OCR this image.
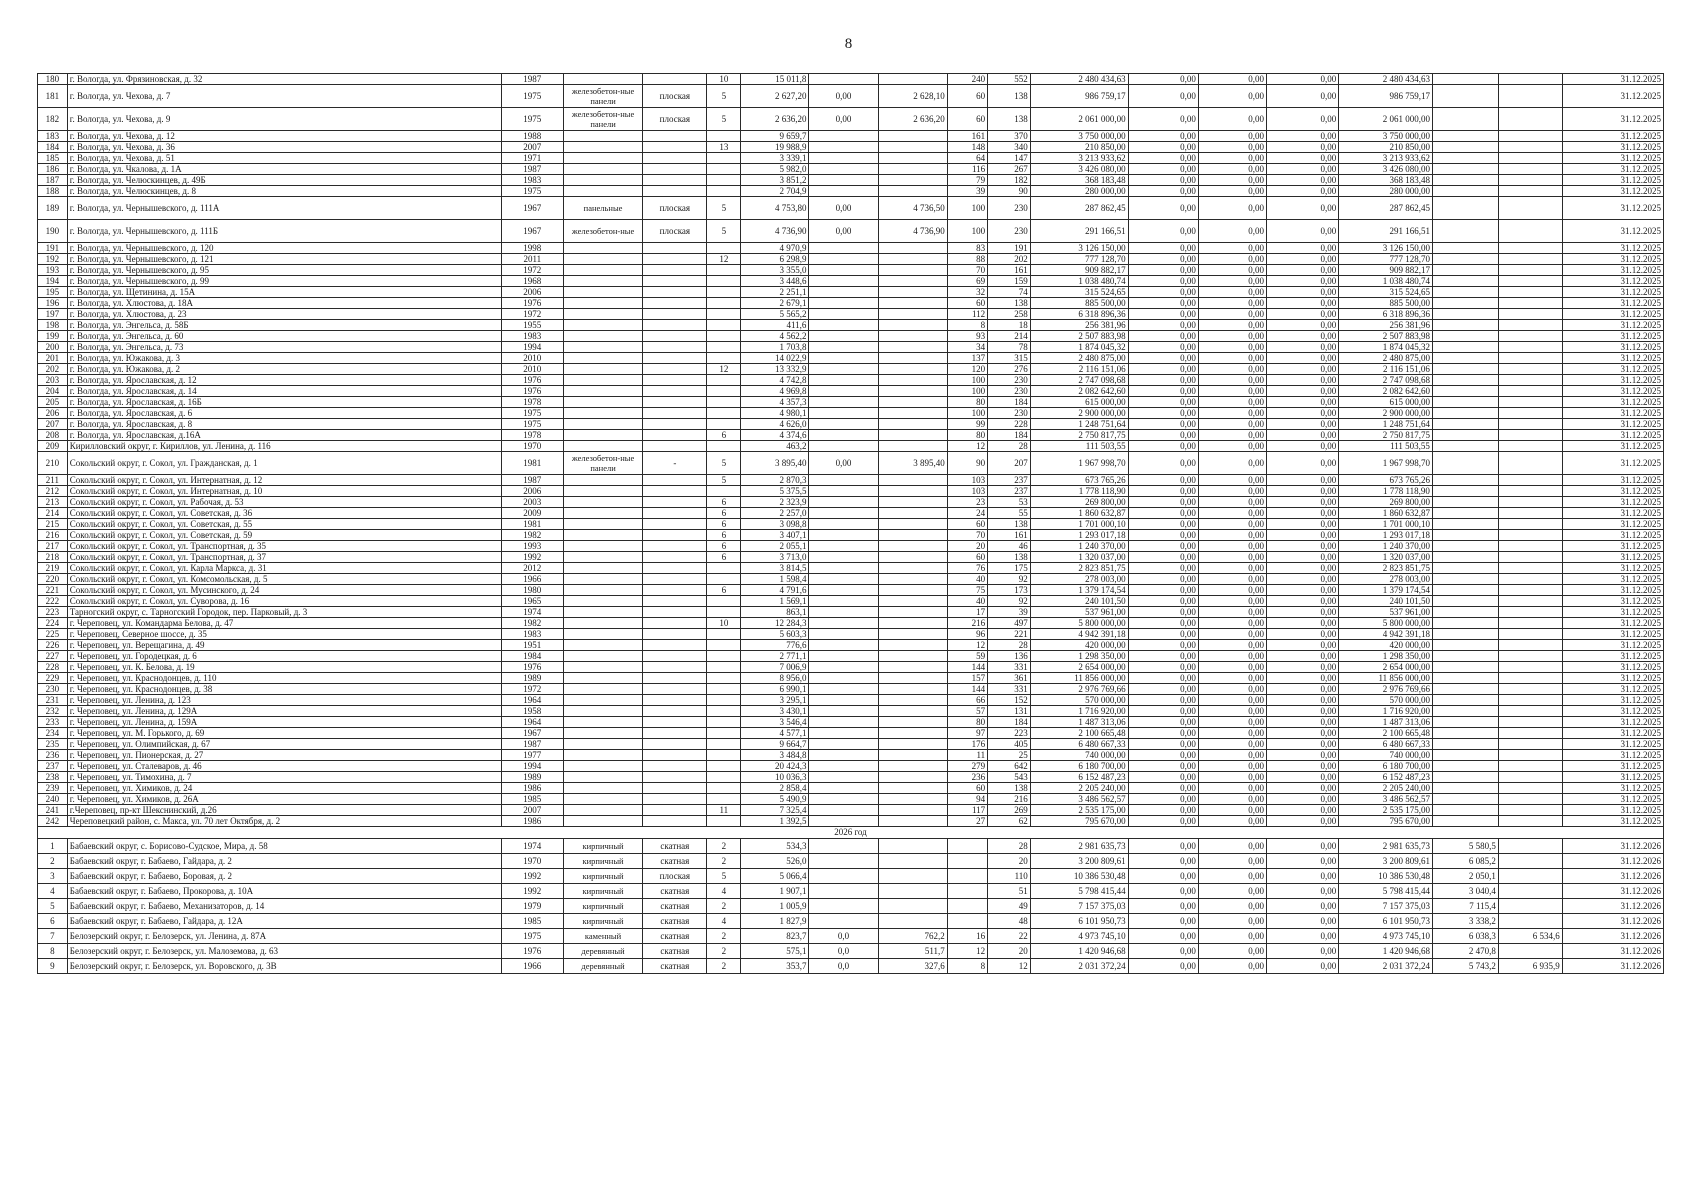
8
180	г. Вологда, ул. Фрязиновская, д. 32	1987			10	15 011,8			240	552	2 480 434,63	0,00	0,00	0,00	2 480 434,63			31.12.2025
181	г. Вологда, ул. Чехова, д. 7	1975	железобетон-ные панели	плоская	5	2 627,20	0,00	2 628,10	60	138	986 759,17	0,00	0,00	0,00	986 759,17			31.12.2025
182	г. Вологда, ул. Чехова, д. 9	1975	железобетон-ные панели	плоская	5	2 636,20	0,00	2 636,20	60	138	2 061 000,00	0,00	0,00	0,00	2 061 000,00			31.12.2025
183	г. Вологда, ул. Чехова, д. 12	1988				9 659,7			161	370	3 750 000,00	0,00	0,00	0,00	3 750 000,00			31.12.2025
184	г. Вологда, ул. Чехова, д. 36	2007			13	19 988,9			148	340	210 850,00	0,00	0,00	0,00	210 850,00			31.12.2025
185	г. Вологда, ул. Чехова, д. 51	1971				3 339,1			64	147	3 213 933,62	0,00	0,00	0,00	3 213 933,62			31.12.2025
186	г. Вологда, ул. Чкалова, д. 1А	1987				5 982,0			116	267	3 426 080,00	0,00	0,00	0,00	3 426 080,00			31.12.2025
187	г. Вологда, ул. Челюскинцев, д. 49Б	1983				3 851,2			79	182	368 183,48	0,00	0,00	0,00	368 183,48			31.12.2025
188	г. Вологда, ул. Челюскинцев, д. 8	1975				2 704,9			39	90	280 000,00	0,00	0,00	0,00	280 000,00			31.12.2025
189	г. Вологда, ул. Чернышевского, д. 111А	1967	панельные	плоская	5	4 753,80	0,00	4 736,50	100	230	287 862,45	0,00	0,00	0,00	287 862,45			31.12.2025
190	г. Вологда, ул. Чернышевского, д. 111Б	1967	железобетон-ные	плоская	5	4 736,90	0,00	4 736,90	100	230	291 166,51	0,00	0,00	0,00	291 166,51			31.12.2025
191	г. Вологда, ул. Чернышевского, д. 120	1998				4 970,9			83	191	3 126 150,00	0,00	0,00	0,00	3 126 150,00			31.12.2025
192	г. Вологда, ул. Чернышевского, д. 121	2011			12	6 298,9			88	202	777 128,70	0,00	0,00	0,00	777 128,70			31.12.2025
193	г. Вологда, ул. Чернышевского, д. 95	1972				3 355,0			70	161	909 882,17	0,00	0,00	0,00	909 882,17			31.12.2025
194	г. Вологда, ул. Чернышевского, д. 99	1968				3 448,6			69	159	1 038 480,74	0,00	0,00	0,00	1 038 480,74			31.12.2025
195	г. Вологда, ул. Щетинина, д. 15А	2006				2 251,1			32	74	315 524,65	0,00	0,00	0,00	315 524,65			31.12.2025
196	г. Вологда, ул. Хлюстова, д. 18А	1976				2 679,1			60	138	885 500,00	0,00	0,00	0,00	885 500,00			31.12.2025
197	г. Вологда, ул. Хлюстова, д. 23	1972				5 565,2			112	258	6 318 896,36	0,00	0,00	0,00	6 318 896,36			31.12.2025
198	г. Вологда, ул. Энгельса, д. 58Б	1955				411,6			8	18	256 381,96	0,00	0,00	0,00	256 381,96			31.12.2025
199	г. Вологда, ул. Энгельса, д. 60	1983				4 562,2			93	214	2 507 883,98	0,00	0,00	0,00	2 507 883,98			31.12.2025
200	г. Вологда, ул. Энгельса, д. 73	1994				1 703,8			34	78	1 874 045,32	0,00	0,00	0,00	1 874 045,32			31.12.2025
201	г. Вологда, ул. Южакова, д. 3	2010				14 022,9			137	315	2 480 875,00	0,00	0,00	0,00	2 480 875,00			31.12.2025
202	г. Вологда, ул. Южакова, д. 2	2010			12	13 332,9			120	276	2 116 151,06	0,00	0,00	0,00	2 116 151,06			31.12.2025
203	г. Вологда, ул. Ярославская, д. 12	1976				4 742,8			100	230	2 747 098,68	0,00	0,00	0,00	2 747 098,68			31.12.2025
204	г. Вологда, ул. Ярославская, д. 14	1976				4 969,8			100	230	2 082 642,60	0,00	0,00	0,00	2 082 642,60			31.12.2025
205	г. Вологда, ул. Ярославская, д. 16Б	1978				4 357,3			80	184	615 000,00	0,00	0,00	0,00	615 000,00			31.12.2025
206	г. Вологда, ул. Ярославская, д. 6	1975				4 980,1			100	230	2 900 000,00	0,00	0,00	0,00	2 900 000,00			31.12.2025
207	г. Вологда, ул. Ярославская, д. 8	1975				4 626,0			99	228	1 248 751,64	0,00	0,00	0,00	1 248 751,64			31.12.2025
208	г. Вологда, ул. Ярославская, д.16А	1978			6	4 374,6			80	184	2 750 817,75	0,00	0,00	0,00	2 750 817,75			31.12.2025
209	Кирилловский округ, г. Кириллов, ул. Ленина, д. 116	1970				463,2			12	28	111 503,55	0,00	0,00	0,00	111 503,55			31.12.2025
210	Сокольский округ, г. Сокол, ул. Гражданская, д. 1	1981	железобетон-ные панели	-	5	3 895,40	0,00	3 895,40	90	207	1 967 998,70	0,00	0,00	0,00	1 967 998,70			31.12.2025
211	Сокольский округ, г. Сокол, ул. Интернатная, д. 12	1987			5	2 870,3			103	237	673 765,26	0,00	0,00	0,00	673 765,26			31.12.2025
212	Сокольский округ, г. Сокол, ул. Интернатная, д. 10	2006				5 375,5			103	237	1 778 118,90	0,00	0,00	0,00	1 778 118,90			31.12.2025
213	Сокольский округ, г. Сокол, ул. Рабочая, д. 53	2003			6	2 323,9			23	53	269 800,00	0,00	0,00	0,00	269 800,00			31.12.2025
214	Сокольский округ, г. Сокол, ул. Советская, д. 36	2009			6	2 257,0			24	55	1 860 632,87	0,00	0,00	0,00	1 860 632,87			31.12.2025
215	Сокольский округ, г. Сокол, ул. Советская, д. 55	1981			6	3 098,8			60	138	1 701 000,10	0,00	0,00	0,00	1 701 000,10			31.12.2025
216	Сокольский округ, г. Сокол, ул. Советская, д. 59	1982			6	3 407,1			70	161	1 293 017,18	0,00	0,00	0,00	1 293 017,18			31.12.2025
217	Сокольский округ, г. Сокол, ул. Транспортная, д. 35	1993			6	2 055,1			20	46	1 240 370,00	0,00	0,00	0,00	1 240 370,00			31.12.2025
218	Сокольский округ, г. Сокол, ул. Транспортная, д. 37	1992			6	3 713,0			60	138	1 320 037,00	0,00	0,00	0,00	1 320 037,00			31.12.2025
219	Сокольский округ, г. Сокол, ул. Карла Маркса, д. 31	2012				3 814,5			76	175	2 823 851,75	0,00	0,00	0,00	2 823 851,75			31.12.2025
220	Сокольский округ, г. Сокол, ул. Комсомольская, д. 5	1966				1 598,4			40	92	278 003,00	0,00	0,00	0,00	278 003,00			31.12.2025
221	Сокольский округ, г. Сокол, ул. Мусинского, д. 24	1980			6	4 791,6			75	173	1 379 174,54	0,00	0,00	0,00	1 379 174,54			31.12.2025
222	Сокольский округ, г. Сокол, ул. Суворова, д. 16	1965				1 569,1			40	92	240 101,50	0,00	0,00	0,00	240 101,50			31.12.2025
223	Тарногский округ, с. Тарногский Городок, пер. Парковый, д. 3	1974				863,1			17	39	537 961,00	0,00	0,00	0,00	537 961,00			31.12.2025
224	г. Череповец, ул. Командарма Белова, д. 47	1982			10	12 284,3			216	497	5 800 000,00	0,00	0,00	0,00	5 800 000,00			31.12.2025
225	г. Череповец, Северное шоссе, д. 35	1983				5 603,3			96	221	4 942 391,18	0,00	0,00	0,00	4 942 391,18			31.12.2025
226	г. Череповец, ул. Верещагина, д. 49	1951				776,6			12	28	420 000,00	0,00	0,00	0,00	420 000,00			31.12.2025
227	г. Череповец, ул. Городецкая, д. 6	1984				2 771,1			59	136	1 298 350,00	0,00	0,00	0,00	1 298 350,00			31.12.2025
228	г. Череповец, ул. К. Белова, д. 19	1976				7 006,9			144	331	2 654 000,00	0,00	0,00	0,00	2 654 000,00			31.12.2025
229	г. Череповец, ул. Краснодонцев, д. 110	1989				8 956,0			157	361	11 856 000,00	0,00	0,00	0,00	11 856 000,00			31.12.2025
230	г. Череповец, ул. Краснодонцев, д. 38	1972				6 990,1			144	331	2 976 769,66	0,00	0,00	0,00	2 976 769,66			31.12.2025
231	г. Череповец, ул. Ленина, д. 123	1964				3 295,1			66	152	570 000,00	0,00	0,00	0,00	570 000,00			31.12.2025
232	г. Череповец, ул. Ленина, д. 129А	1958				3 430,1			57	131	1 716 920,00	0,00	0,00	0,00	1 716 920,00			31.12.2025
233	г. Череповец, ул. Ленина, д. 159А	1964				3 546,4			80	184	1 487 313,06	0,00	0,00	0,00	1 487 313,06			31.12.2025
234	г. Череповец, ул. М. Горького, д. 69	1967				4 577,1			97	223	2 100 665,48	0,00	0,00	0,00	2 100 665,48			31.12.2025
235	г. Череповец, ул. Олимпийская, д. 67	1987				9 664,7			176	405	6 480 667,33	0,00	0,00	0,00	6 480 667,33			31.12.2025
236	г. Череповец, ул. Пионерская, д. 27	1977				3 484,8			11	25	740 000,00	0,00	0,00	0,00	740 000,00			31.12.2025
237	г. Череповец, ул. Сталеваров, д. 46	1994				20 424,3			279	642	6 180 700,00	0,00	0,00	0,00	6 180 700,00			31.12.2025
238	г. Череповец, ул. Тимохина, д. 7	1989				10 036,3			236	543	6 152 487,23	0,00	0,00	0,00	6 152 487,23			31.12.2025
239	г. Череповец, ул. Химиков, д. 24	1986				2 858,4			60	138	2 205 240,00	0,00	0,00	0,00	2 205 240,00			31.12.2025
240	г. Череповец, ул. Химиков, д. 26А	1985				5 490,9			94	216	3 486 562,57	0,00	0,00	0,00	3 486 562,57			31.12.2025
241	г.Череповец, пр-кт Шекснинский, д.26	2007			11	7 325,4			117	269	2 535 175,00	0,00	0,00	0,00	2 535 175,00			31.12.2025
242	Череповецкий район, с. Макса, ул. 70 лет Октября, д. 2	1986				1 392,5			27	62	795 670,00	0,00	0,00	0,00	795 670,00			31.12.2025
2026 год																		
1	Бабаевский округ, с. Борисово-Судское, Мира, д. 58	1974	кирпичный	скатная	2	534,3				28	2 981 635,73	0,00	0,00	0,00	2 981 635,73	5 580,5		31.12.2026
2	Бабаевский округ, г. Бабаево, Гайдара, д. 2	1970	кирпичный	скатная	2	526,0				20	3 200 809,61	0,00	0,00	0,00	3 200 809,61	6 085,2		31.12.2026
3	Бабаевский округ, г. Бабаево, Боровая, д. 2	1992	кирпичный	плоская	5	5 066,4				110	10 386 530,48	0,00	0,00	0,00	10 386 530,48	2 050,1		31.12.2026
4	Бабаевский округ, г. Бабаево, Прокорова, д. 10А	1992	кирпичный	скатная	4	1 907,1				51	5 798 415,44	0,00	0,00	0,00	5 798 415,44	3 040,4		31.12.2026
5	Бабаевский округ, г. Бабаево, Механизаторов, д. 14	1979	кирпичный	скатная	2	1 005,9				49	7 157 375,03	0,00	0,00	0,00	7 157 375,03	7 115,4		31.12.2026
6	Бабаевский округ, г. Бабаево, Гайдара, д. 12А	1985	кирпичный	скатная	4	1 827,9				48	6 101 950,73	0,00	0,00	0,00	6 101 950,73	3 338,2		31.12.2026
7	Белозерский округ, г. Белозерск, ул. Ленина, д. 87А	1975	каменный	скатная	2	823,7	0,0	762,2	16	22	4 973 745,10	0,00	0,00	0,00	4 973 745,10	6 038,3	6 534,6	31.12.2026
8	Белозерский округ, г. Белозерск, ул. Малоземова, д. 63	1976	деревянный	скатная	2	575,1	0,0	511,7	12	20	1 420 946,68	0,00	0,00	0,00	1 420 946,68	2 470,8		31.12.2026
9	Белозерский округ, г. Белозерск, ул. Воровского, д. 3В	1966	деревянный	скатная	2	353,7	0,0	327,6	8	12	2 031 372,24	0,00	0,00	0,00	2 031 372,24	5 743,2	6 935,9	31.12.2026
